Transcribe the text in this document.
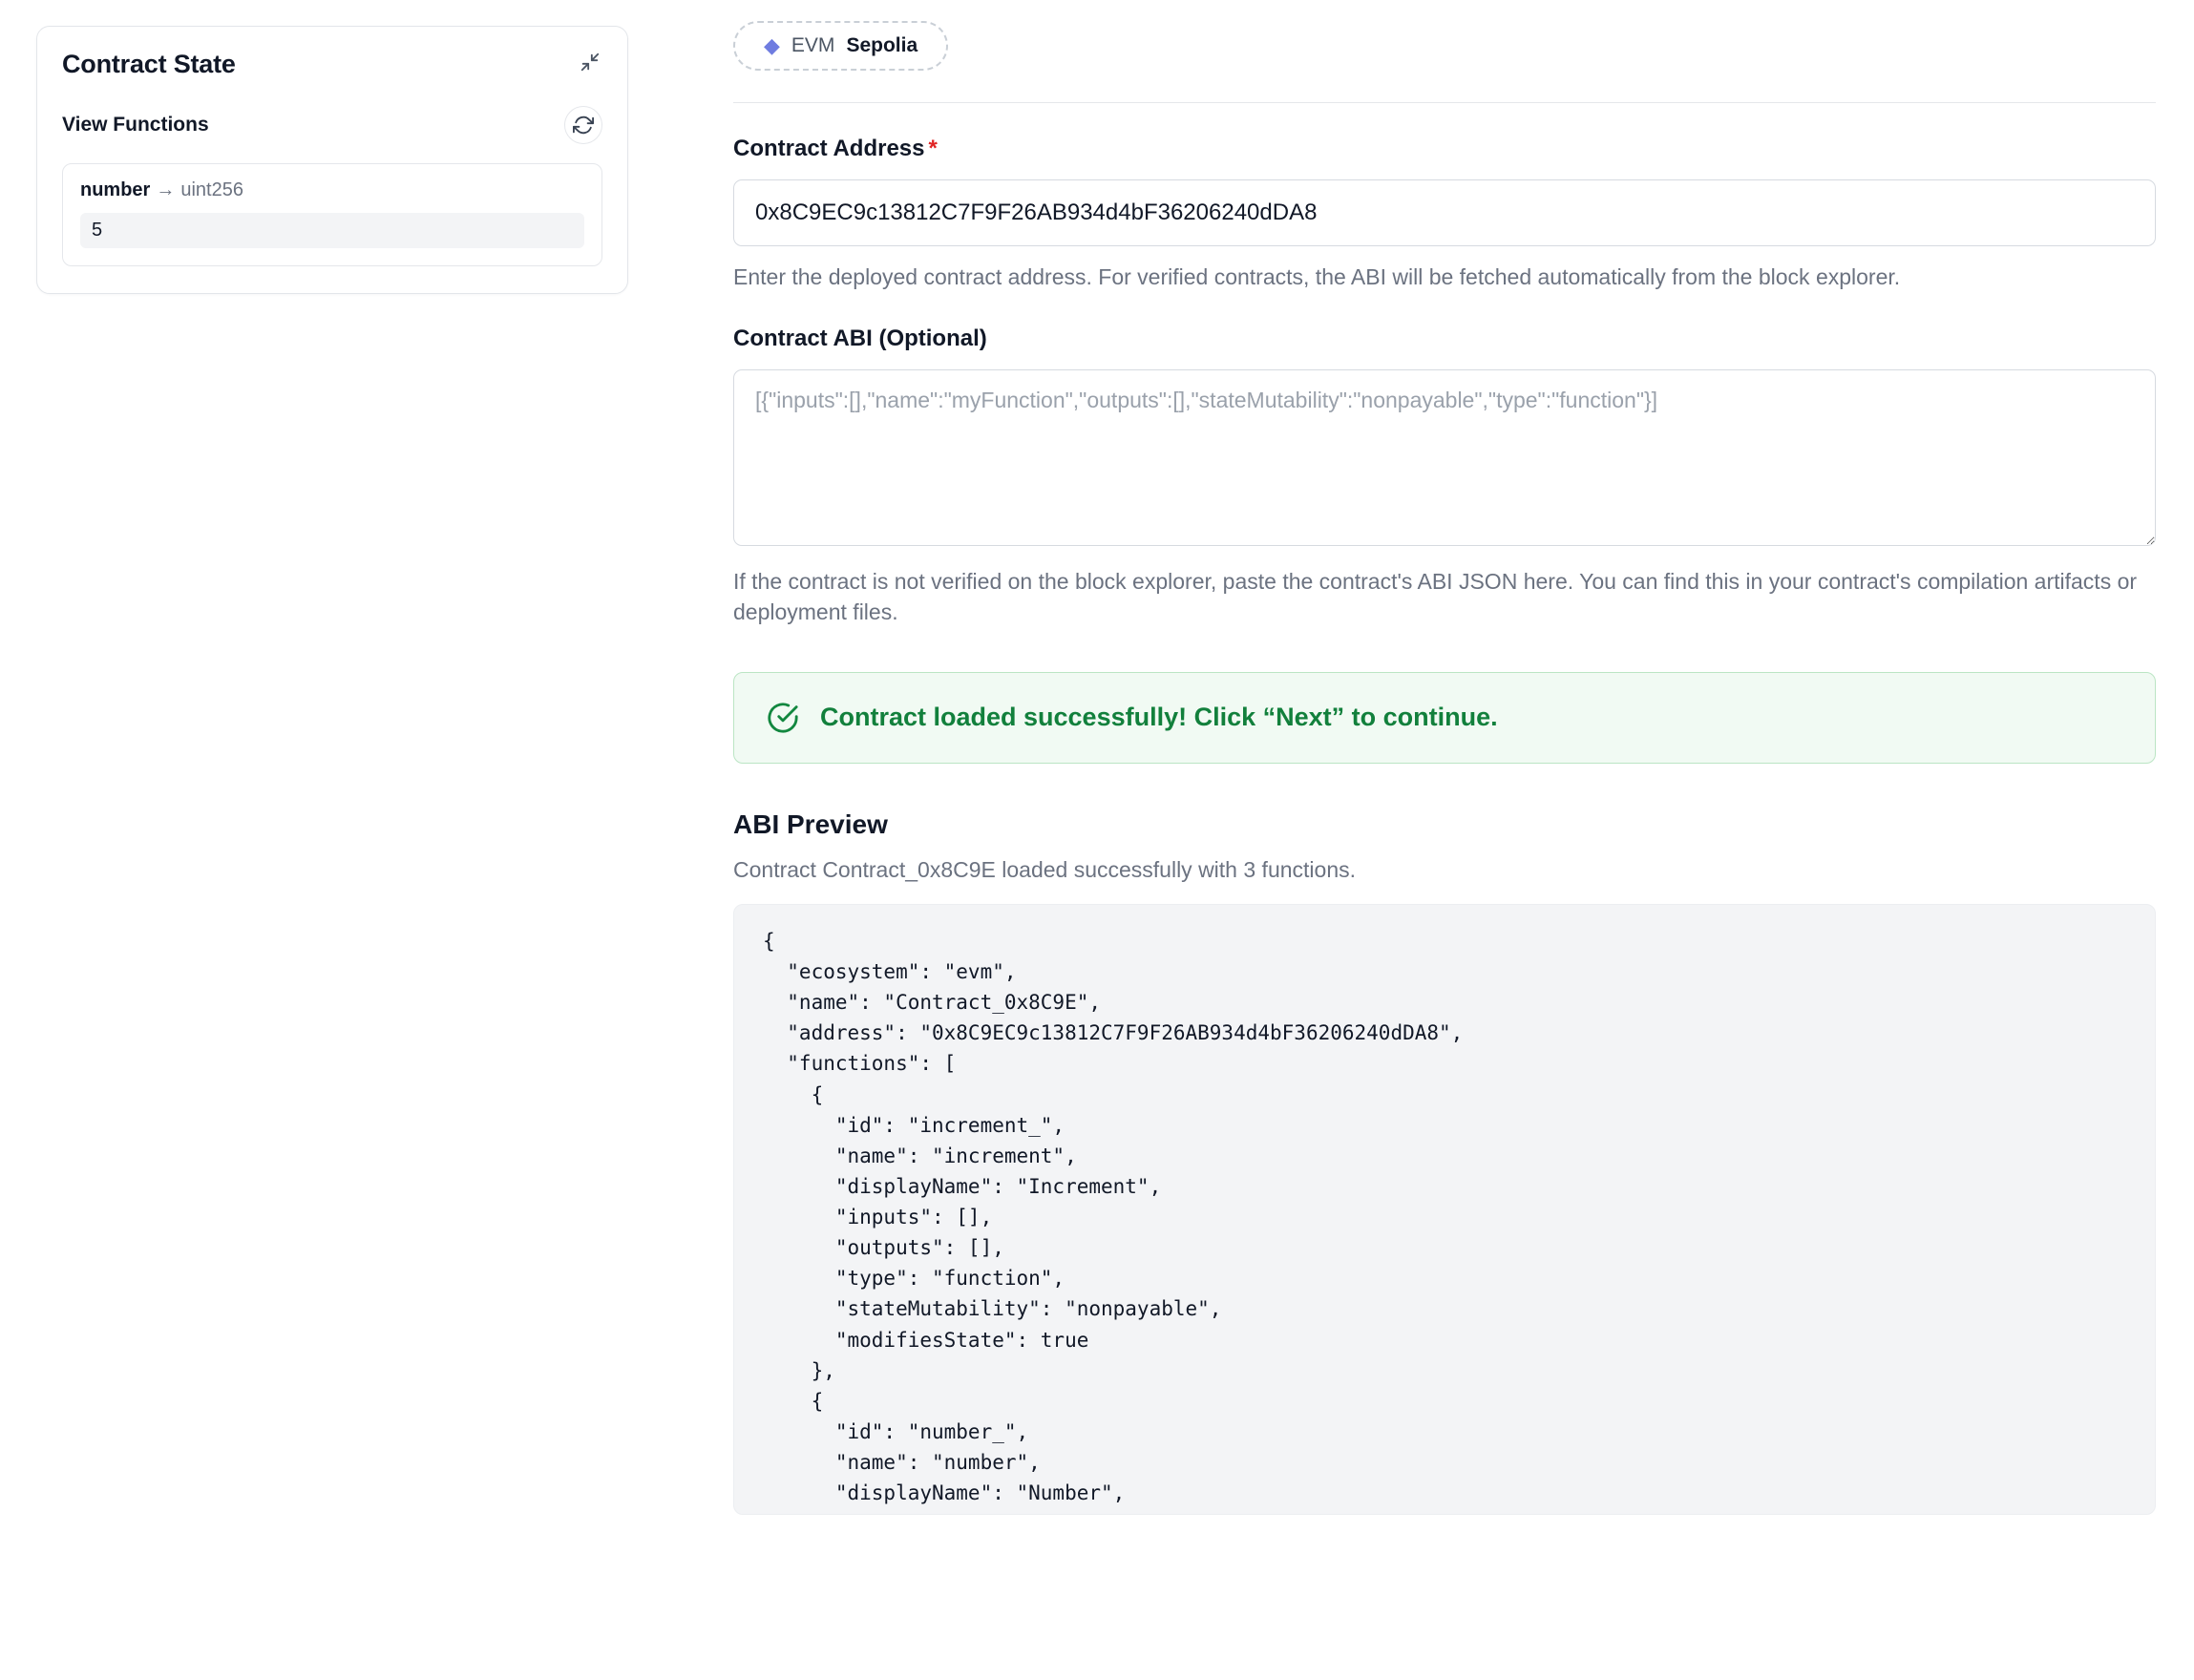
Contract State
View Functions
number → uint256
5
◆ EVM Sepolia
Contract Address *
0x8C9EC9c13812C7F9F26AB934d4bF36206240dDA8
Enter the deployed contract address. For verified contracts, the ABI will be fetched automatically from the block explorer.
Contract ABI (Optional)
[{"inputs":[],"name":"myFunction","outputs":[],"stateMutability":"nonpayable","type":"function"}]
If the contract is not verified on the block explorer, paste the contract's ABI JSON here. You can find this in your contract's compilation artifacts or deployment files.
Contract loaded successfully! Click “Next” to continue.
ABI Preview
Contract Contract_0x8C9E loaded successfully with 3 functions.
{
"ecosystem": "evm",
"name": "Contract_0x8C9E",
"address": "0x8C9EC9c13812C7F9F26AB934d4bF36206240dDA8",
"functions": [
{
"id": "increment_",
"name": "increment",
"displayName": "Increment",
"inputs": [],
"outputs": [],
"type": "function",
"stateMutability": "nonpayable",
"modifiesState": true
},
{
"id": "number_",
"name": "number",
"displayName": "Number",
